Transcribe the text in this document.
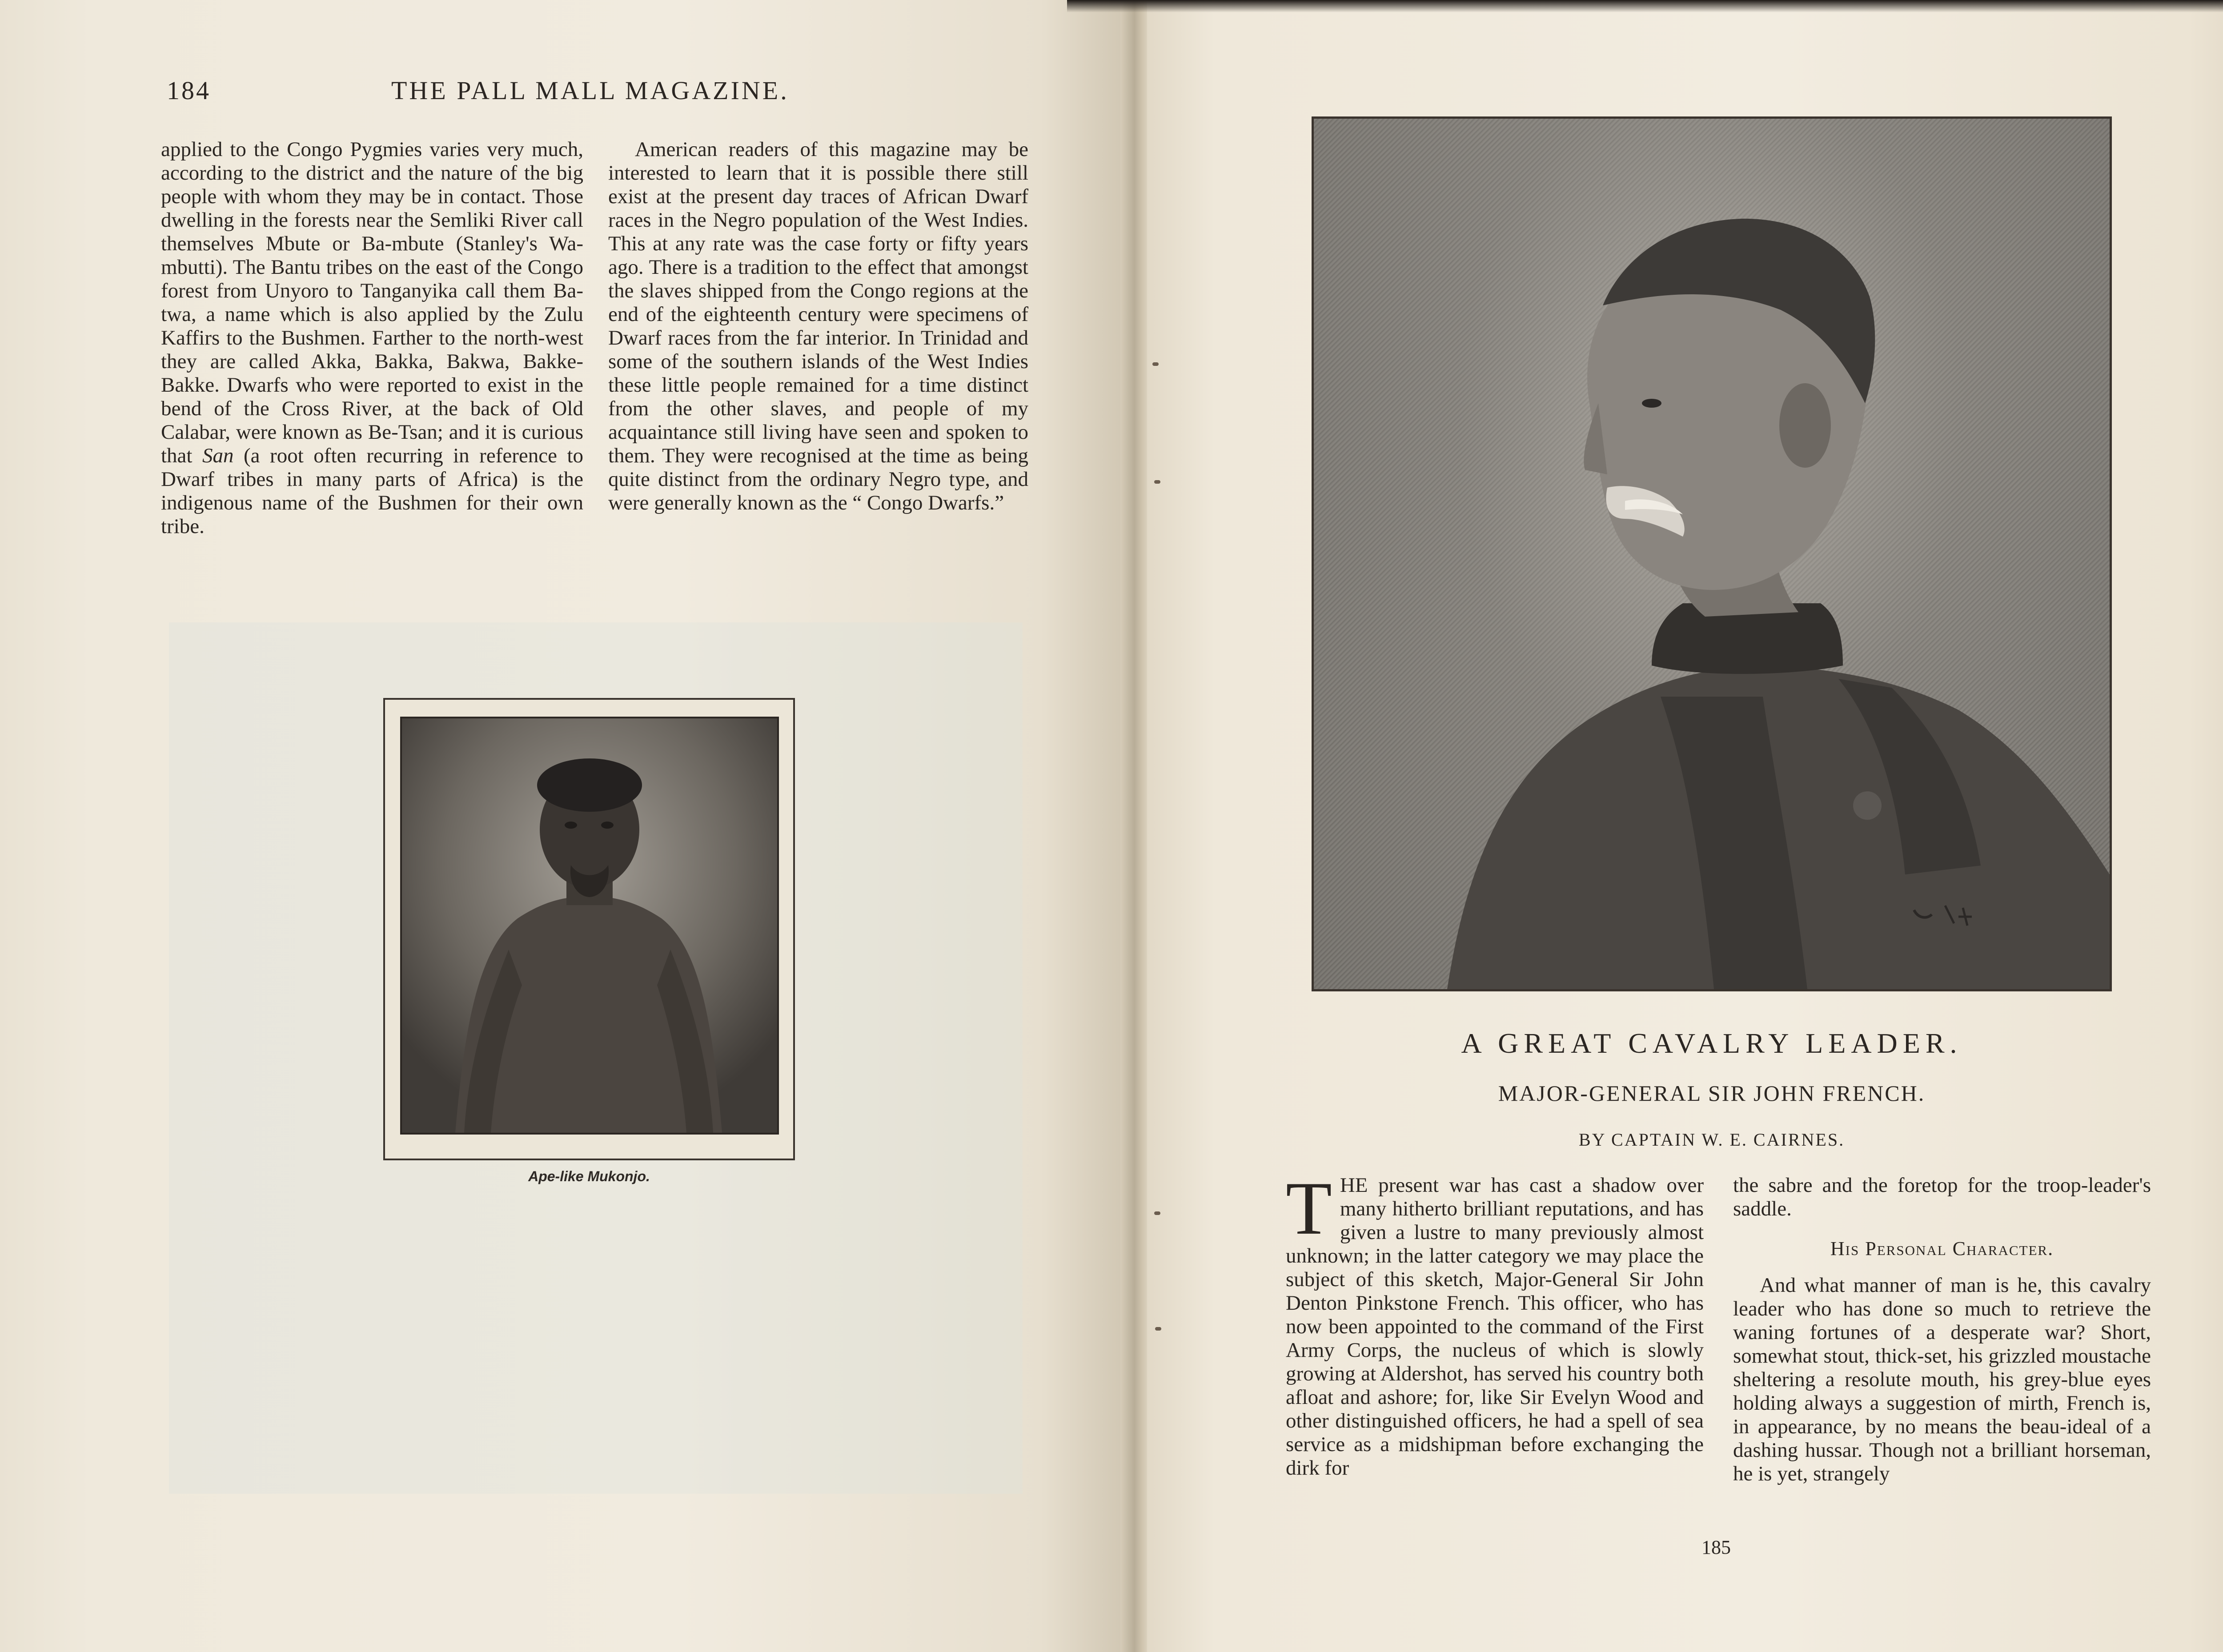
184	THE PALL MALL MAGAZINE.
applied to the Congo Pygmies varies very much, according to the district and the nature of the big people with whom they may be in contact. Those dwelling in the forests near the Semliki River call themselves Mbute or Ba-mbute (Stanley's Wa-mbutti). The Bantu tribes on the east of the Congo forest from Unyoro to Tanganyika call them Ba-twa, a name which is also applied by the Zulu Kaffirs to the Bushmen. Farther to the north-west they are called Akka, Bakka, Bakwa, Bakke-Bakke. Dwarfs who were reported to exist in the bend of the Cross River, at the back of Old Calabar, were known as Be-Tsan; and it is curious that San (a root often recurring in reference to Dwarf tribes in many parts of Africa) is the indigenous name of the Bushmen for their own tribe.
American readers of this magazine may be interested to learn that it is possible there still exist at the present day traces of African Dwarf races in the Negro population of the West Indies. This at any rate was the case forty or fifty years ago. There is a tradition to the effect that amongst the slaves shipped from the Congo regions at the end of the eighteenth century were specimens of Dwarf races from the far interior. In Trinidad and some of the southern islands of the West Indies these little people remained for a time distinct from the other slaves, and people of my acquaintance still living have seen and spoken to them. They were recognised at the time as being quite distinct from the ordinary Negro type, and were generally known as the “ Congo Dwarfs.”
Ape-like Mukonjo.
A GREAT CAVALRY LEADER.
MAJOR-GENERAL SIR JOHN FRENCH.
BY CAPTAIN W. E. CAIRNES.
T HE present war has cast a shadow over many hitherto brilliant reputations, and has given a lustre to many previously almost unknown; in the latter category we may place the subject of this sketch, Major-General Sir John Denton Pinkstone French. This officer, who has now been appointed to the command of the First Army Corps, the nucleus of which is slowly growing at Aldershot, has served his country both afloat and ashore; for, like Sir Evelyn Wood and other distinguished officers, he had a spell of sea service as a midshipman before exchanging the dirk for
the sabre and the foretop for the troop-leader's saddle.
His Personal Character.
And what manner of man is he, this cavalry leader who has done so much to retrieve the waning fortunes of a desperate war? Short, somewhat stout, thick-set, his grizzled moustache sheltering a resolute mouth, his grey-blue eyes holding always a suggestion of mirth, French is, in appearance, by no means the beau-ideal of a dashing hussar. Though not a brilliant horseman, he is yet, strangely
185
